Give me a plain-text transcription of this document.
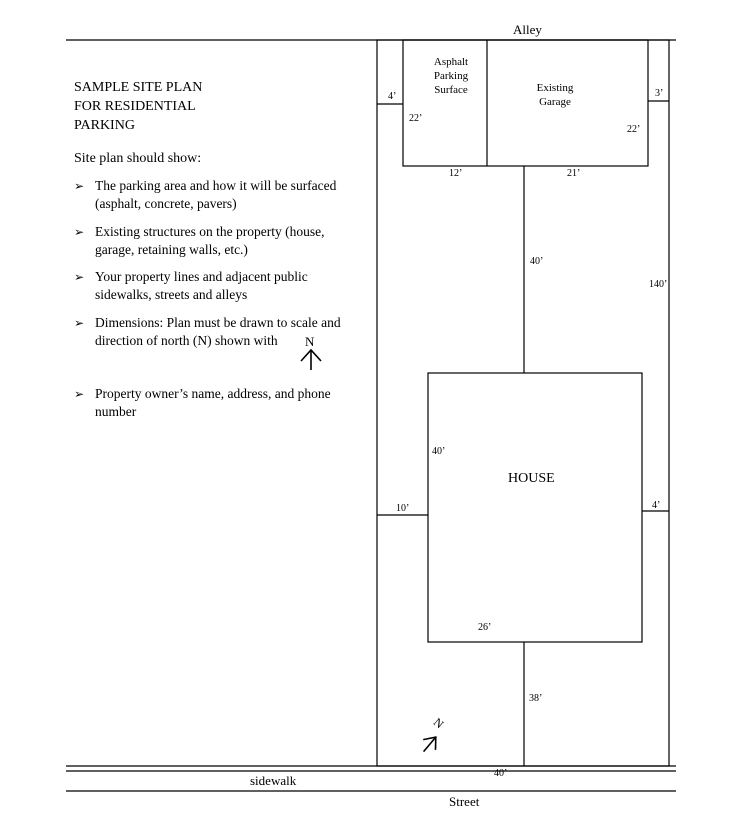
SAMPLE SITE PLAN
FOR RESIDENTIAL
PARKING
Site plan should show:
➢ The parking area and how it will be surfaced (asphalt, concrete, pavers)
➢ Existing structures on the property (house, garage, retaining walls, etc.)
➢ Your property lines and adjacent public sidewalks, streets and alleys
➢ Dimensions: Plan must be drawn to scale and direction of north (N) shown with
➢ Property owner’s name, address, and phone number
N
N
Alley
Street
sidewalk
Asphalt
Parking
Surface	Existing
Garage
HOUSE
4’	3’
22’
22’
12’	21’
40’
140’
40’
10’	4’
26’
38’
40’
